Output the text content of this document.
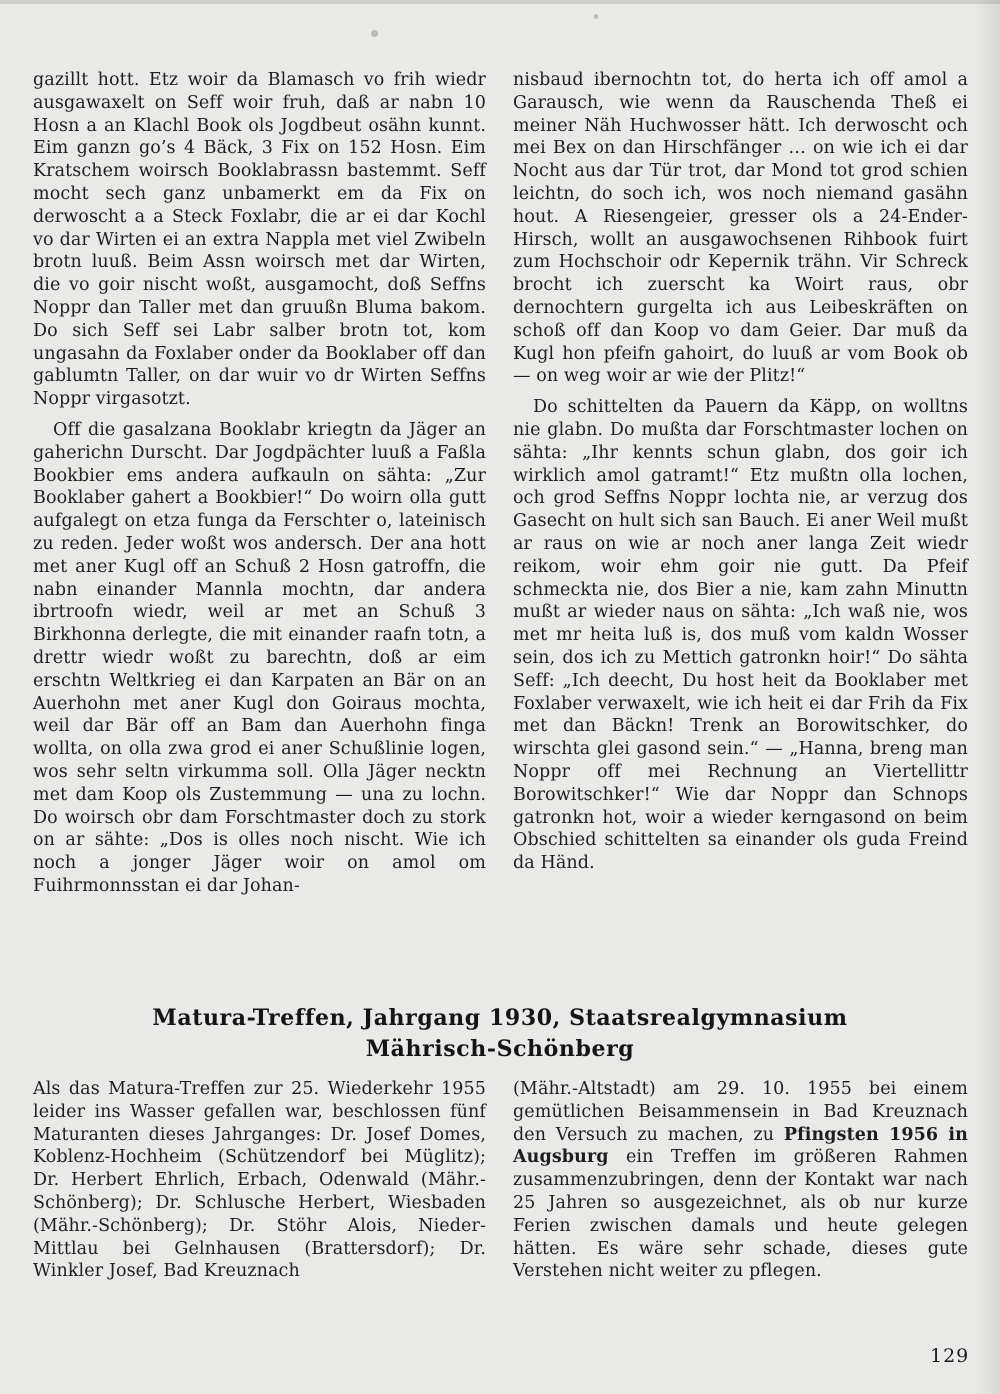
gazillt hott. Etz woir da Blamasch vo frih wiedr ausgawaxelt on Seff woir fruh, daß ar nabn 10 Hosn a an Klachl Book ols Jogdbeut osähn kunnt. Eim ganzn go’s 4 Bäck, 3 Fix on 152 Hosn. Eim Kratschem woirsch Booklabrassn bastemmt. Seff mocht sech ganz unbamerkt em da Fix on derwoscht a a Steck Foxlabr, die ar ei dar Kochl vo dar Wirten ei an extra Nappla met viel Zwibeln brotn luuß. Beim Assn woirsch met dar Wirten, die vo goir nischt woßt, ausgamocht, doß Seffns Noppr dan Taller met dan gruußn Bluma bakom. Do sich Seff sei Labr salber brotn tot, kom ungasahn da Foxlaber onder da Booklaber off dan gablumtn Taller, on dar wuir vo dr Wirten Seffns Noppr virgasotzt.

Off die gasalzana Booklabr kriegtn da Jäger an gaherichn Durscht. Dar Jogdpächter luuß a Faßla Bookbier ems andera aufkauln on sähta: „Zur Booklaber gahert a Bookbier!“ Do woirn olla gutt aufgalegt on etza funga da Ferschter o, lateinisch zu reden. Jeder woßt wos andersch. Der ana hott met aner Kugl off an Schuß 2 Hosn gatroffn, die nabn einander Mannla mochtn, dar andera ibrtroofn wiedr, weil ar met an Schuß 3 Birkhonna derlegte, die mit einander raafn totn, a drettr wiedr woßt zu barechtn, doß ar eim erschtn Weltkrieg ei dan Karpaten an Bär on an Auerhohn met aner Kugl don Goiraus mochta, weil dar Bär off an Bam dan Auerhohn finga wollta, on olla zwa grod ei aner Schußlinie logen, wos sehr seltn virkumma soll. Olla Jäger necktn met dam Koop ols Zustemmung — una zu lochn. Do woirsch obr dam Forschtmaster doch zu stork on ar sähte: „Dos is olles noch nischt. Wie ich noch a jonger Jäger woir on amol om Fuihrmonnsstan ei dar Johan-

nisbaud ibernochtn tot, do herta ich off amol a Garausch, wie wenn da Rauschenda Theß ei meiner Näh Huchwosser hätt. Ich derwoscht och mei Bex on dan Hirschfänger … on wie ich ei dar Nocht aus dar Tür trot, dar Mond tot grod schien leichtn, do soch ich, wos noch niemand gasähn hout. A Riesengeier, gresser ols a 24-Ender-Hirsch, wollt an ausgawochsenen Rihbook fuirt zum Hochschoir odr Kepernik trähn. Vir Schreck brocht ich zuerscht ka Woirt raus, obr dernochtern gurgelta ich aus Leibeskräften on schoß off dan Koop vo dam Geier. Dar muß da Kugl hon pfeifn gahoirt, do luuß ar vom Book ob — on weg woir ar wie der Plitz!“

Do schittelten da Pauern da Käpp, on wolltns nie glabn. Do mußta dar Forschtmaster lochen on sähta: „Ihr kennts schun glabn, dos goir ich wirklich amol gatramt!“ Etz mußtn olla lochen, och grod Seffns Noppr lochta nie, ar verzug dos Gasecht on hult sich san Bauch. Ei aner Weil mußt ar raus on wie ar noch aner langa Zeit wiedr reikom, woir ehm goir nie gutt. Da Pfeif schmeckta nie, dos Bier a nie, kam zahn Minuttn mußt ar wieder naus on sähta: „Ich waß nie, wos met mr heita luß is, dos muß vom kaldn Wosser sein, dos ich zu Mettich gatronkn hoir!“ Do sähta Seff: „Ich deecht, Du host heit da Booklaber met Foxlaber verwaxelt, wie ich heit ei dar Frih da Fix met dan Bäckn! Trenk an Borowitschker, do wirschta glei gasond sein.“ — „Hanna, breng man Noppr off mei Rechnung an Viertellittr Borowitschker!“ Wie dar Noppr dan Schnops gatronkn hot, woir a wieder kerngasond on beim Obschied schittelten sa einander ols guda Freind da Händ.

Matura-Treffen, Jahrgang 1930, Staatsrealgymnasium
Mährisch-Schönberg

Als das Matura-Treffen zur 25. Wiederkehr 1955 leider ins Wasser gefallen war, beschlossen fünf Maturanten dieses Jahrganges: Dr. Josef Domes, Koblenz-Hochheim (Schützendorf bei Müglitz); Dr. Herbert Ehrlich, Erbach, Odenwald (Mähr.-Schönberg); Dr. Schlusche Herbert, Wiesbaden (Mähr.-Schönberg); Dr. Stöhr Alois, Nieder-Mittlau bei Gelnhausen (Brattersdorf); Dr. Winkler Josef, Bad Kreuznach

(Mähr.-Altstadt) am 29. 10. 1955 bei einem gemütlichen Beisammensein in Bad Kreuznach den Versuch zu machen, zu Pfingsten 1956 in Augsburg ein Treffen im größeren Rahmen zusammenzubringen, denn der Kontakt war nach 25 Jahren so ausgezeichnet, als ob nur kurze Ferien zwischen damals und heute gelegen hätten. Es wäre sehr schade, dieses gute Verstehen nicht weiter zu pflegen.

129
